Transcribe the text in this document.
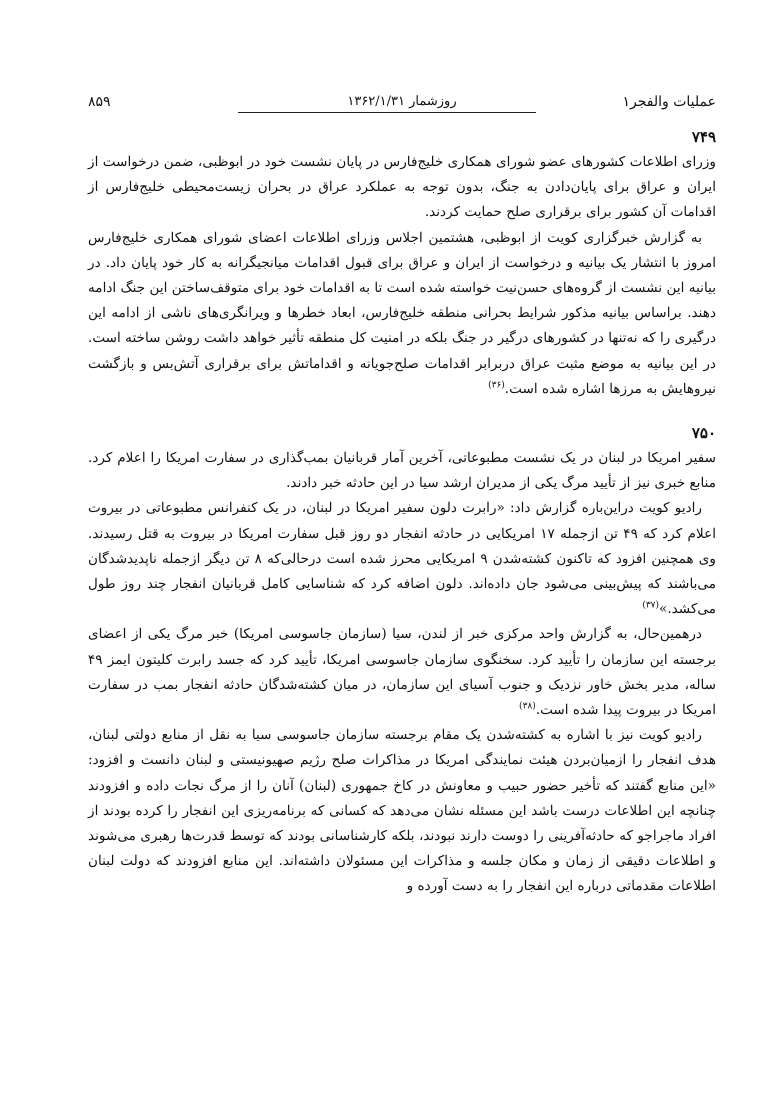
عملیات والفجر۱
روزشمار ۱۳۶۲/۱/۳۱
۸۵۹
۷۴۹

وزرای اطلاعات کشورهای عضو شورای همکاری خلیج‌فارس در پایان نشست خود در ابوظبی، ضمن درخواست از ایران و عراق برای پایان‌دادن به جنگ، بدون توجه به عملکرد عراق در بحران زیست‌محیطی خلیج‌فارس از اقدامات آن کشور برای برقراری صلح حمایت کردند.

به گزارش خبرگزاری کویت از ابوظبی، هشتمین اجلاس وزرای اطلاعات اعضای شورای همکاری خلیج‌فارس امروز با انتشار یک بیانیه و درخواست از ایران و عراق برای قبول اقدامات میانجیگرانه به کار خود پایان داد. در بیانیه این نشست از گروه‌های حسن‌نیت خواسته شده است تا به اقدامات خود برای متوقف‌ساختن این جنگ ادامه دهند. براساس بیانیه مذکور شرایط بحرانی منطقه خلیج‌فارس، ابعاد خطرها و ویرانگری‌های ناشی از ادامه این درگیری را که نه‌تنها در کشورهای درگیر در جنگ بلکه در امنیت کل منطقه تأثیر خواهد داشت روشن ساخته است. در این بیانیه به موضع مثبت عراق دربرابر اقدامات صلح‌جویانه و اقداماتش برای برقراری آتش‌بس و بازگشت نیروهایش به مرزها اشاره شده است.$^{(۳۶)}$

۷۵۰

سفیر امریکا در لبنان در یک نشست مطبوعاتی، آخرین آمار قربانیان بمب‌گذاری در سفارت امریکا را اعلام کرد. منابع خبری نیز از تأیید مرگ یکی از مدیران ارشد سیا در این حادثه خبر دادند.

رادیو کویت دراین‌باره گزارش داد: «رابرت دلون سفیر امریکا در لبنان، در یک کنفرانس مطبوعاتی در بیروت اعلام کرد که ۴۹ تن ازجمله ۱۷ امریکایی در حادثه انفجار دو روز قبل سفارت امریکا در بیروت به قتل رسیدند. وی همچنین افزود که تاکنون کشته‌شدن ۹ امریکایی محرز شده است درحالی‌که ۸ تن دیگر ازجمله ناپدیدشدگان می‌باشند که پیش‌بینی می‌شود جان داده‌اند. دلون اضافه کرد که شناسایی کامل قربانیان انفجار چند روز طول می‌کشد.»$^{(۳۷)}$

درهمین‌حال، به گزارش واحد مرکزی خبر از لندن، سیا (سازمان جاسوسی امریکا) خبر مرگ یکی از اعضای برجسته این سازمان را تأیید کرد. سخنگوی سازمان جاسوسی امریکا، تأیید کرد که جسد رابرت کلیتون ایمز ۴۹ ساله، مدیر بخش خاور نزدیک و جنوب آسیای این سازمان، در میان کشته‌شدگان حادثه انفجار بمب در سفارت امریکا در بیروت پیدا شده است.$^{(۳۸)}$

رادیو کویت نیز با اشاره به کشته‌شدن یک مقام برجسته سازمان جاسوسی سیا به نقل از منابع دولتی لبنان، هدف انفجار را ازمیان‌بردن هیئت نمایندگی امریکا در مذاکرات صلح رژیم صهیونیستی و لبنان دانست و افزود: «این منابع گفتند که تأخیر حضور حبیب و معاونش در کاخ جمهوری (لبنان) آنان را از مرگ نجات داده و افزودند چنانچه این اطلاعات درست باشد این مسئله نشان می‌دهد که کسانی که برنامه‌ریزی این انفجار را کرده بودند از افراد ماجراجو که حادثه‌آفرینی را دوست دارند نبودند، بلکه کارشناسانی بودند که توسط قدرت‌ها رهبری می‌شوند و اطلاعات دقیقی از زمان و مکان جلسه و مذاکرات این مسئولان داشته‌اند. این منابع افزودند که دولت لبنان اطلاعات مقدماتی درباره این انفجار را به دست آورده و
